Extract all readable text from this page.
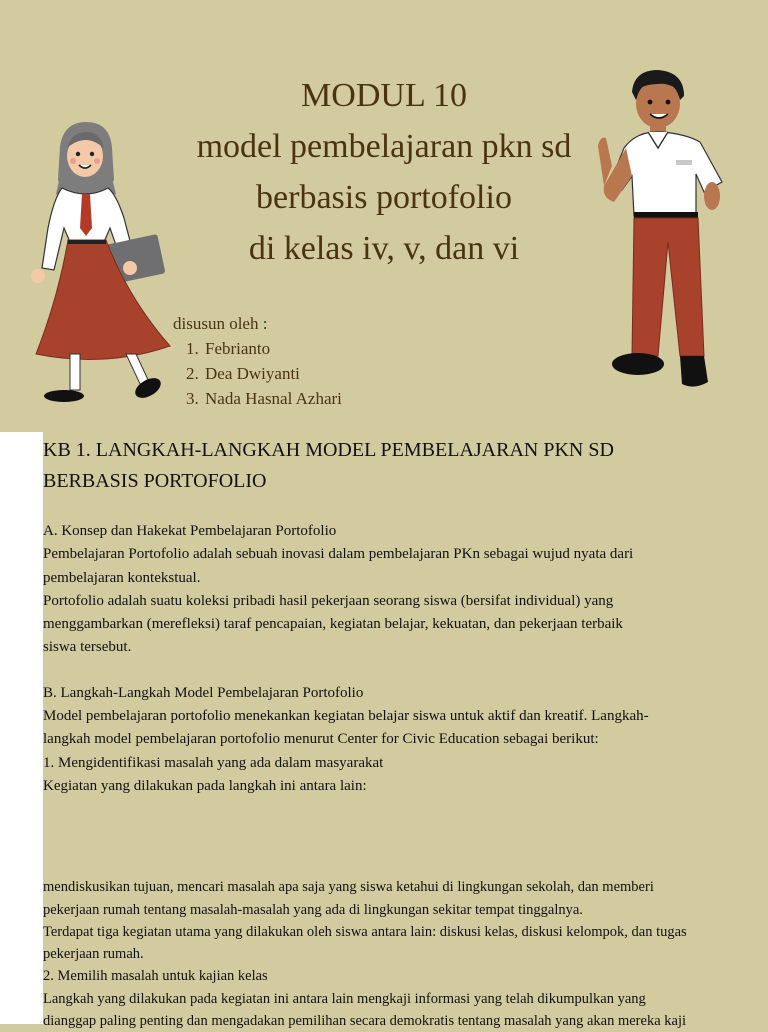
MODUL 10
model pembelajaran pkn sd
berbasis portofolio
di kelas iv, v, dan vi
disusun oleh :
1. Febrianto
2. Dea Dwiyanti
3. Nada Hasnal Azhari
KB 1. LANGKAH-LANGKAH MODEL PEMBELAJARAN PKN SD
BERBASIS PORTOFOLIO
A. Konsep dan Hakekat Pembelajaran Portofolio
Pembelajaran Portofolio adalah sebuah inovasi dalam pembelajaran PKn sebagai wujud nyata dari
pembelajaran kontekstual.
Portofolio adalah suatu koleksi pribadi hasil pekerjaan seorang siswa (bersifat individual) yang
menggambarkan (merefleksi) taraf pencapaian, kegiatan belajar, kekuatan, dan pekerjaan terbaik
siswa tersebut.
B. Langkah-Langkah Model Pembelajaran Portofolio
Model pembelajaran portofolio menekankan kegiatan belajar siswa untuk aktif dan kreatif. Langkah-
langkah model pembelajaran portofolio menurut Center for Civic Education sebagai berikut:
1. Mengidentifikasi masalah yang ada dalam masyarakat
Kegiatan yang dilakukan pada langkah ini antara lain:
mendiskusikan tujuan, mencari masalah apa saja yang siswa ketahui di lingkungan sekolah, dan memberi
pekerjaan rumah tentang masalah-masalah yang ada di lingkungan sekitar tempat tinggalnya.
Terdapat tiga kegiatan utama yang dilakukan oleh siswa antara lain: diskusi kelas, diskusi kelompok, dan tugas
pekerjaan rumah.
2. Memilih masalah untuk kajian kelas
Langkah yang dilakukan pada kegiatan ini antara lain mengkaji informasi yang telah dikumpulkan yang
dianggap paling penting dan mengadakan pemilihan secara demokratis tentang masalah yang akan mereka kaji
